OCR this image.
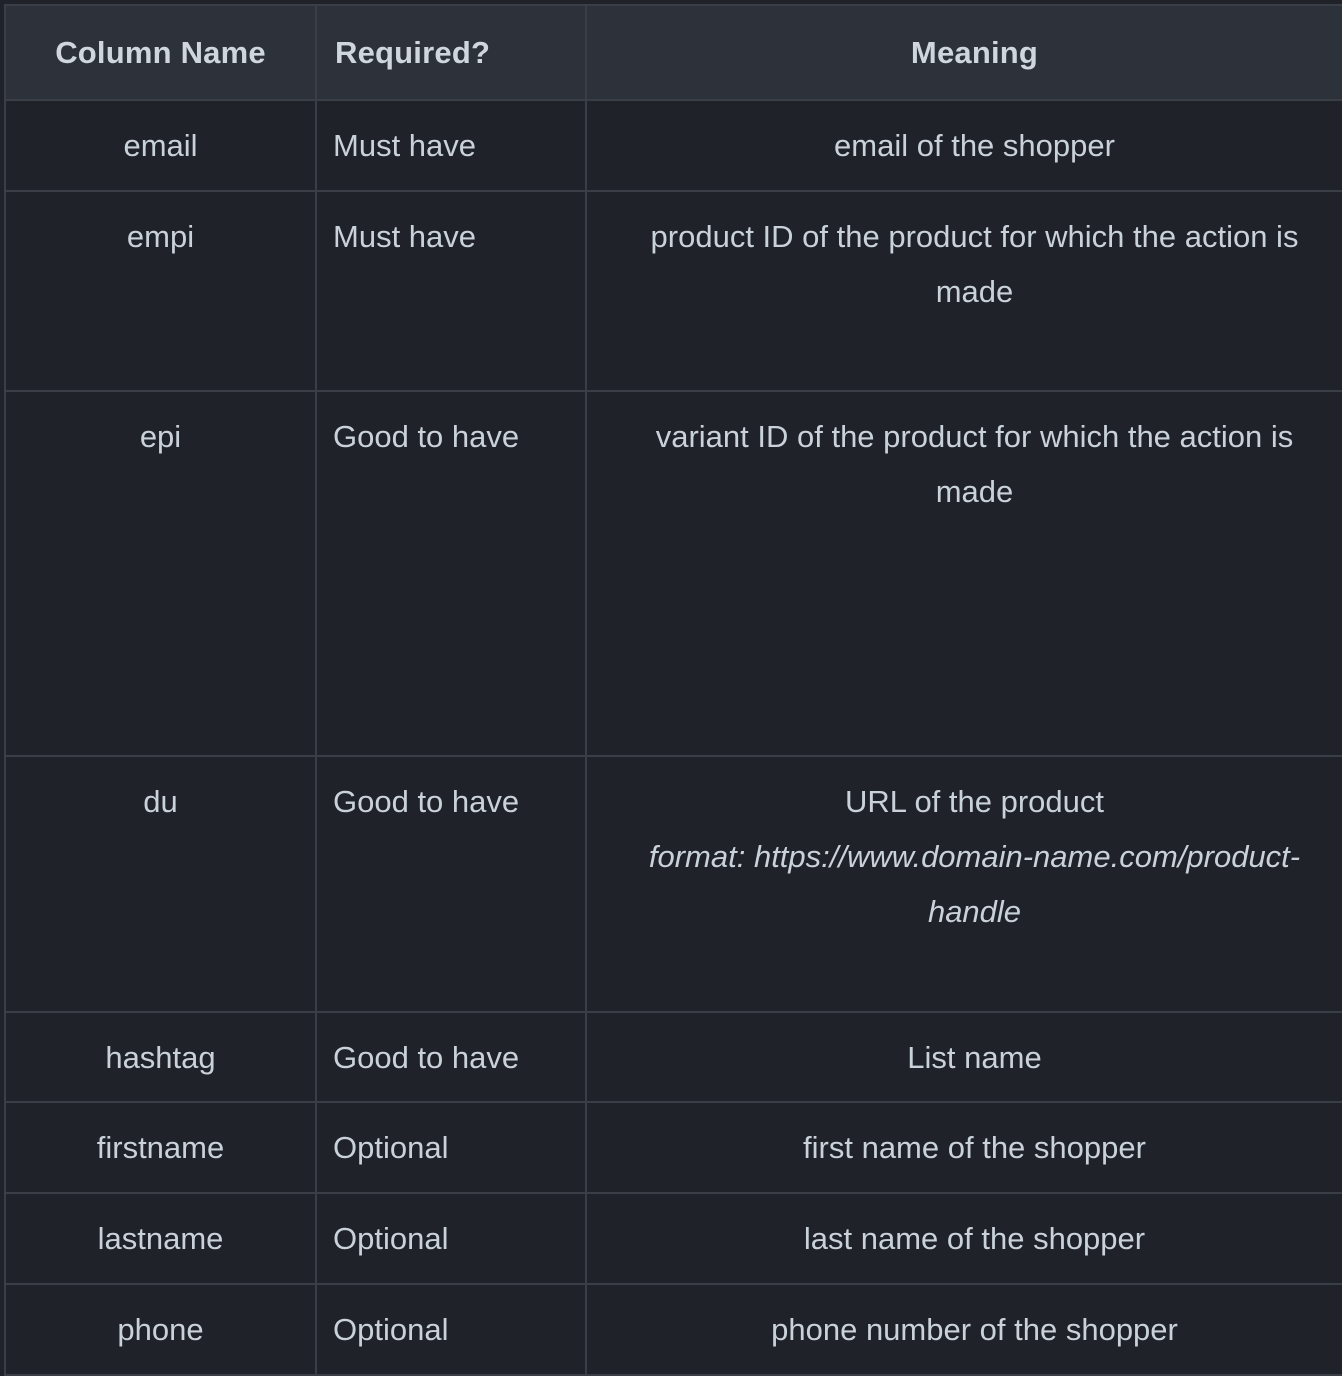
Column Name	Required?	Meaning
email	Must have	email of the shopper

empi	Must have	product ID of the product for which the action is made

epi	Good to have	variant ID of the product for which the action is made

du	Good to have	URL of the product
format: https://www.domain-name.com/product-handle

hashtag	Good to have	List name

firstname	Optional	first name of the shopper

lastname	Optional	last name of the shopper

phone	Optional	phone number of the shopper
